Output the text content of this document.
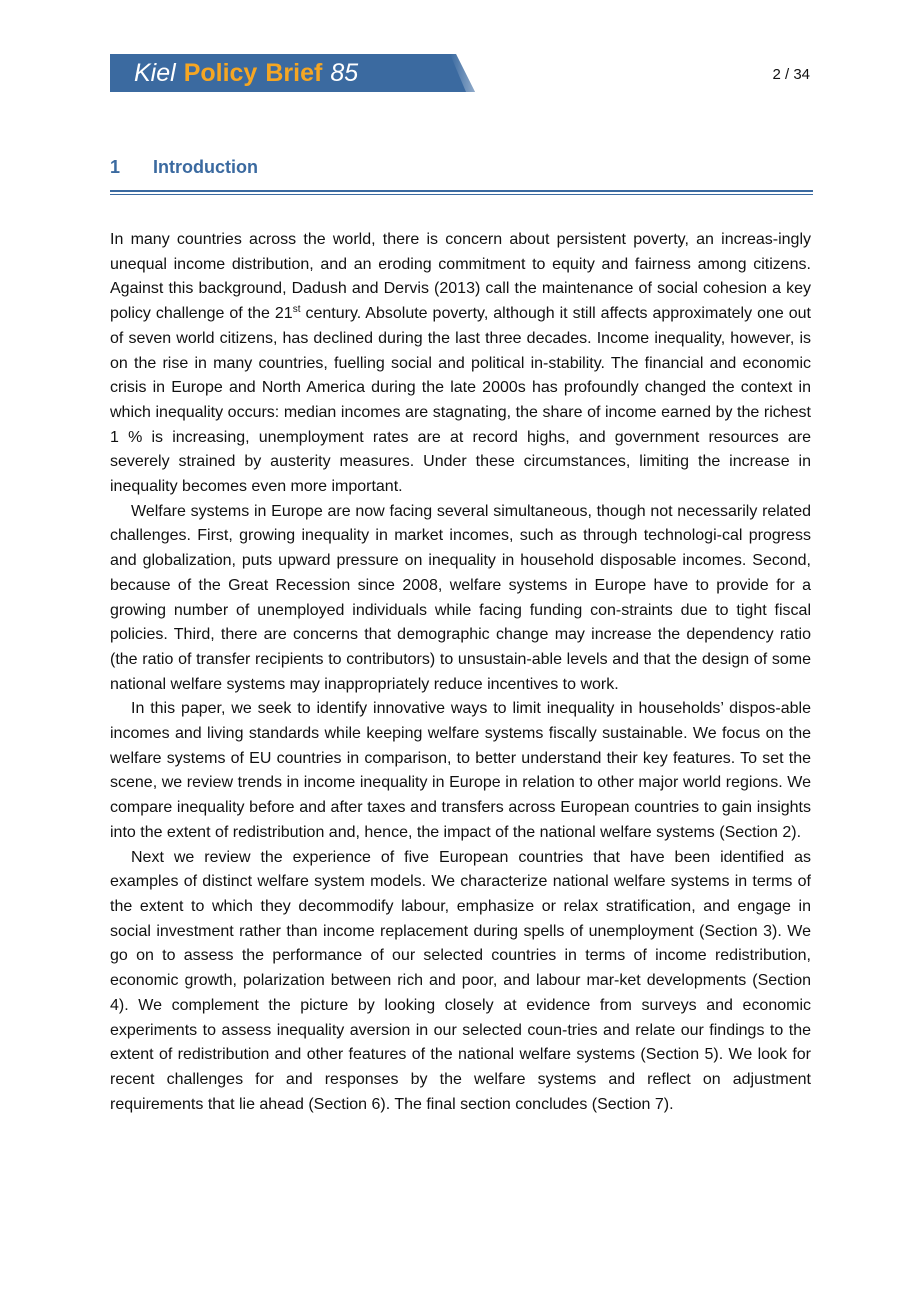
Kiel Policy Brief 85	2 / 34
1 Introduction

In many countries across the world, there is concern about persistent poverty, an increas-ingly unequal income distribution, and an eroding commitment to equity and fairness among citizens. Against this background, Dadush and Dervis (2013) call the maintenance of social cohesion a key policy challenge of the 21st century. Absolute poverty, although it still affects approximately one out of seven world citizens, has declined during the last three decades. Income inequality, however, is on the rise in many countries, fuelling social and political in-stability. The financial and economic crisis in Europe and North America during the late 2000s has profoundly changed the context in which inequality occurs: median incomes are stagnating, the share of income earned by the richest 1 % is increasing, unemployment rates are at record highs, and government resources are severely strained by austerity measures. Under these circumstances, limiting the increase in inequality becomes even more important.

Welfare systems in Europe are now facing several simultaneous, though not necessarily related challenges. First, growing inequality in market incomes, such as through technologi-cal progress and globalization, puts upward pressure on inequality in household disposable incomes. Second, because of the Great Recession since 2008, welfare systems in Europe have to provide for a growing number of unemployed individuals while facing funding con-straints due to tight fiscal policies. Third, there are concerns that demographic change may increase the dependency ratio (the ratio of transfer recipients to contributors) to unsustain-able levels and that the design of some national welfare systems may inappropriately reduce incentives to work.

In this paper, we seek to identify innovative ways to limit inequality in households’ dispos-able incomes and living standards while keeping welfare systems fiscally sustainable. We focus on the welfare systems of EU countries in comparison, to better understand their key features. To set the scene, we review trends in income inequality in Europe in relation to other major world regions. We compare inequality before and after taxes and transfers across European countries to gain insights into the extent of redistribution and, hence, the impact of the national welfare systems (Section 2).

Next we review the experience of five European countries that have been identified as examples of distinct welfare system models. We characterize national welfare systems in terms of the extent to which they decommodify labour, emphasize or relax stratification, and engage in social investment rather than income replacement during spells of unemployment (Section 3). We go on to assess the performance of our selected countries in terms of income redistribution, economic growth, polarization between rich and poor, and labour mar-ket developments (Section 4). We complement the picture by looking closely at evidence from surveys and economic experiments to assess inequality aversion in our selected coun-tries and relate our findings to the extent of redistribution and other features of the national welfare systems (Section 5). We look for recent challenges for and responses by the welfare systems and reflect on adjustment requirements that lie ahead (Section 6). The final section concludes (Section 7).
